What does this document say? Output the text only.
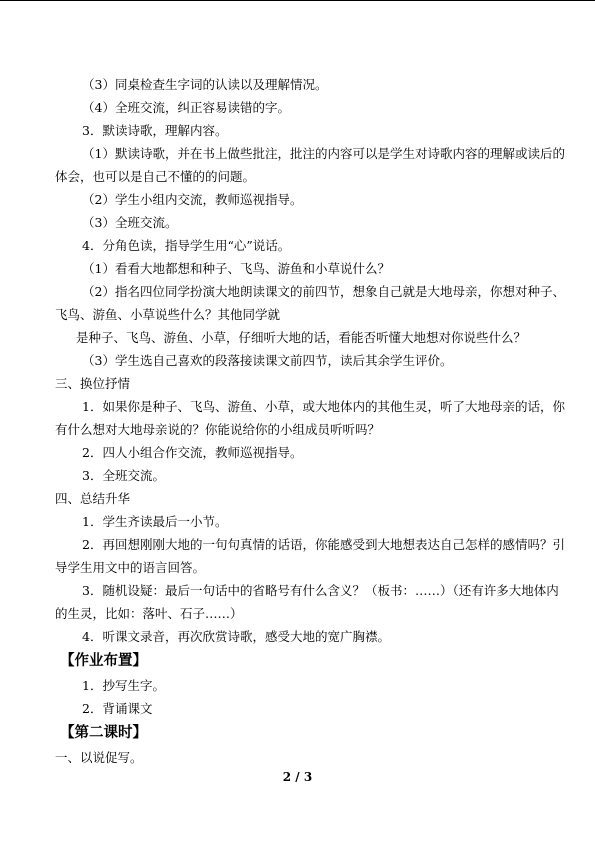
（3）同桌检查生字词的认读以及理解情况。
（4）全班交流，纠正容易读错的字。
3．默读诗歌，理解内容。
（1）默读诗歌，并在书上做些批注，批注的内容可以是学生对诗歌内容的理解或读后的
体会，也可以是自己不懂的的问题。
（2）学生小组内交流，教师巡视指导。
（3）全班交流。
4．分角色读，指导学生用“心”说话。
（1）看看大地都想和种子、飞鸟、游鱼和小草说什么？
（2）指名四位同学扮演大地朗读课文的前四节，想象自己就是大地母亲，你想对种子、
飞鸟、游鱼、小草说些什么？其他同学就
是种子、飞鸟、游鱼、小草，仔细听大地的话，看能否听懂大地想对你说些什么？
（3）学生选自己喜欢的段落接读课文前四节，读后其余学生评价。
三、换位抒情
1．如果你是种子、飞鸟、游鱼、小草，或大地体内的其他生灵，听了大地母亲的话，你
有什么想对大地母亲说的？你能说给你的小组成员听听吗？
2．四人小组合作交流，教师巡视指导。
3．全班交流。
四、总结升华
1．学生齐读最后一小节。
2．再回想刚刚大地的一句句真情的话语，你能感受到大地想表达自己怎样的感情吗？引
导学生用文中的语言回答。
3．随机设疑：最后一句话中的省略号有什么含义？（板书：……）（还有许多大地体内
的生灵，比如：落叶、石子……）
4．听课文录音，再次欣赏诗歌，感受大地的宽广胸襟。
【作业布置】
1．抄写生字。
2．背诵课文
【第二课时】
一、以说促写。
2 / 3
